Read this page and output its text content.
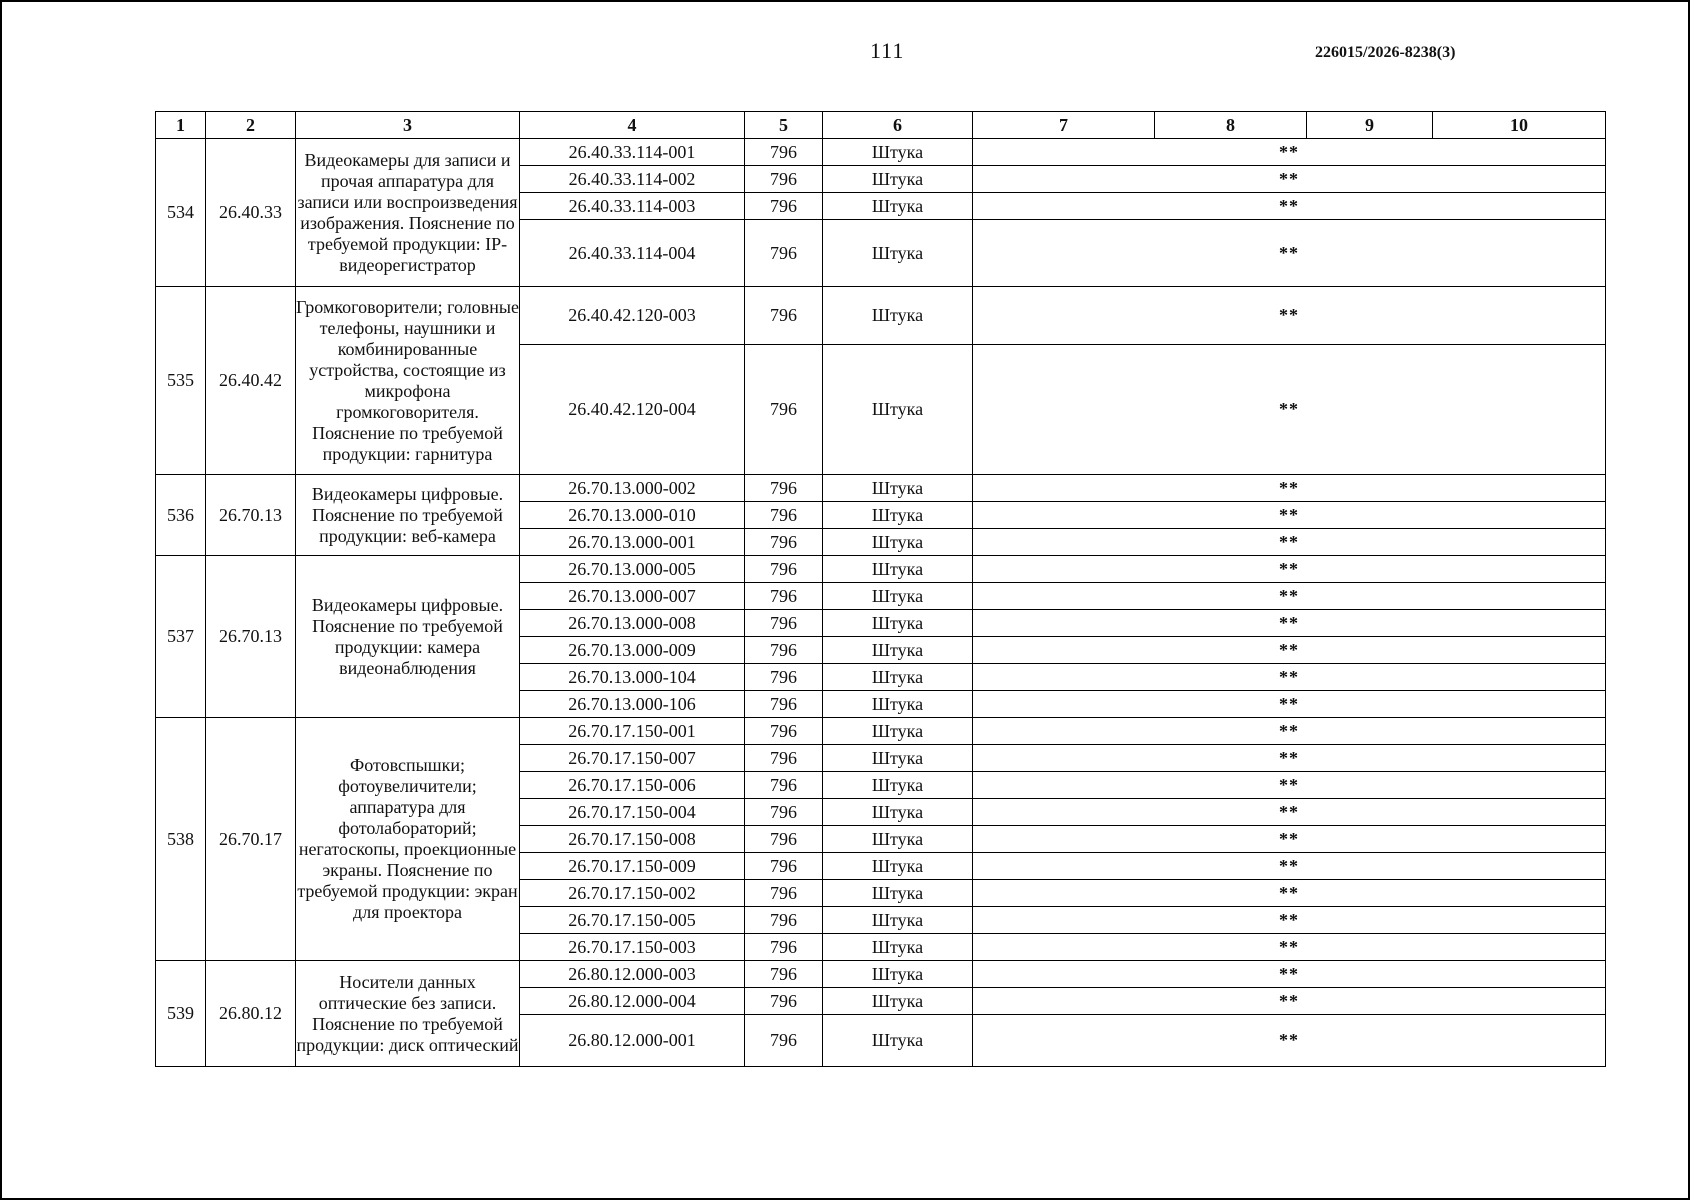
111	226015/2026-8238(3)
1	2	3	4	5	6	7	8	9	10
534	26.40.33	Видеокамеры для записи и прочая аппаратура для записи или воспроизведения изображения. Пояснение по требуемой продукции: IP-видеорегистратор	26.40.33.114-001	796	Штука	**			
			26.40.33.114-002	796	Штука	**			
			26.40.33.114-003	796	Штука	**			
			26.40.33.114-004	796	Штука	**			
535	26.40.42	Громкоговорители; головные телефоны, наушники и комбинированные устройства, состоящие из микрофона громкоговорителя. Пояснение по требуемой продукции: гарнитура	26.40.42.120-003	796	Штука	**			
			26.40.42.120-004	796	Штука	**			
536	26.70.13	Видеокамеры цифровые. Пояснение по требуемой продукции: веб-камера	26.70.13.000-002	796	Штука	**			
			26.70.13.000-010	796	Штука	**			
			26.70.13.000-001	796	Штука	**			
537	26.70.13	Видеокамеры цифровые. Пояснение по требуемой продукции: камера видеонаблюдения	26.70.13.000-005	796	Штука	**			
			26.70.13.000-007	796	Штука	**			
			26.70.13.000-008	796	Штука	**			
			26.70.13.000-009	796	Штука	**			
			26.70.13.000-104	796	Штука	**			
			26.70.13.000-106	796	Штука	**			
538	26.70.17	Фотовспышки; фотоувеличители; аппаратура для фотолабораторий; негатоскопы, проекционные экраны. Пояснение по требуемой продукции: экран для проектора	26.70.17.150-001	796	Штука	**			
			26.70.17.150-007	796	Штука	**			
			26.70.17.150-006	796	Штука	**			
			26.70.17.150-004	796	Штука	**			
			26.70.17.150-008	796	Штука	**			
			26.70.17.150-009	796	Штука	**			
			26.70.17.150-002	796	Штука	**			
			26.70.17.150-005	796	Штука	**			
			26.70.17.150-003	796	Штука	**			
539	26.80.12	Носители данных оптические без записи. Пояснение по требуемой продукции: диск оптический	26.80.12.000-003	796	Штука	**			
			26.80.12.000-004	796	Штука	**			
			26.80.12.000-001	796	Штука	**			
